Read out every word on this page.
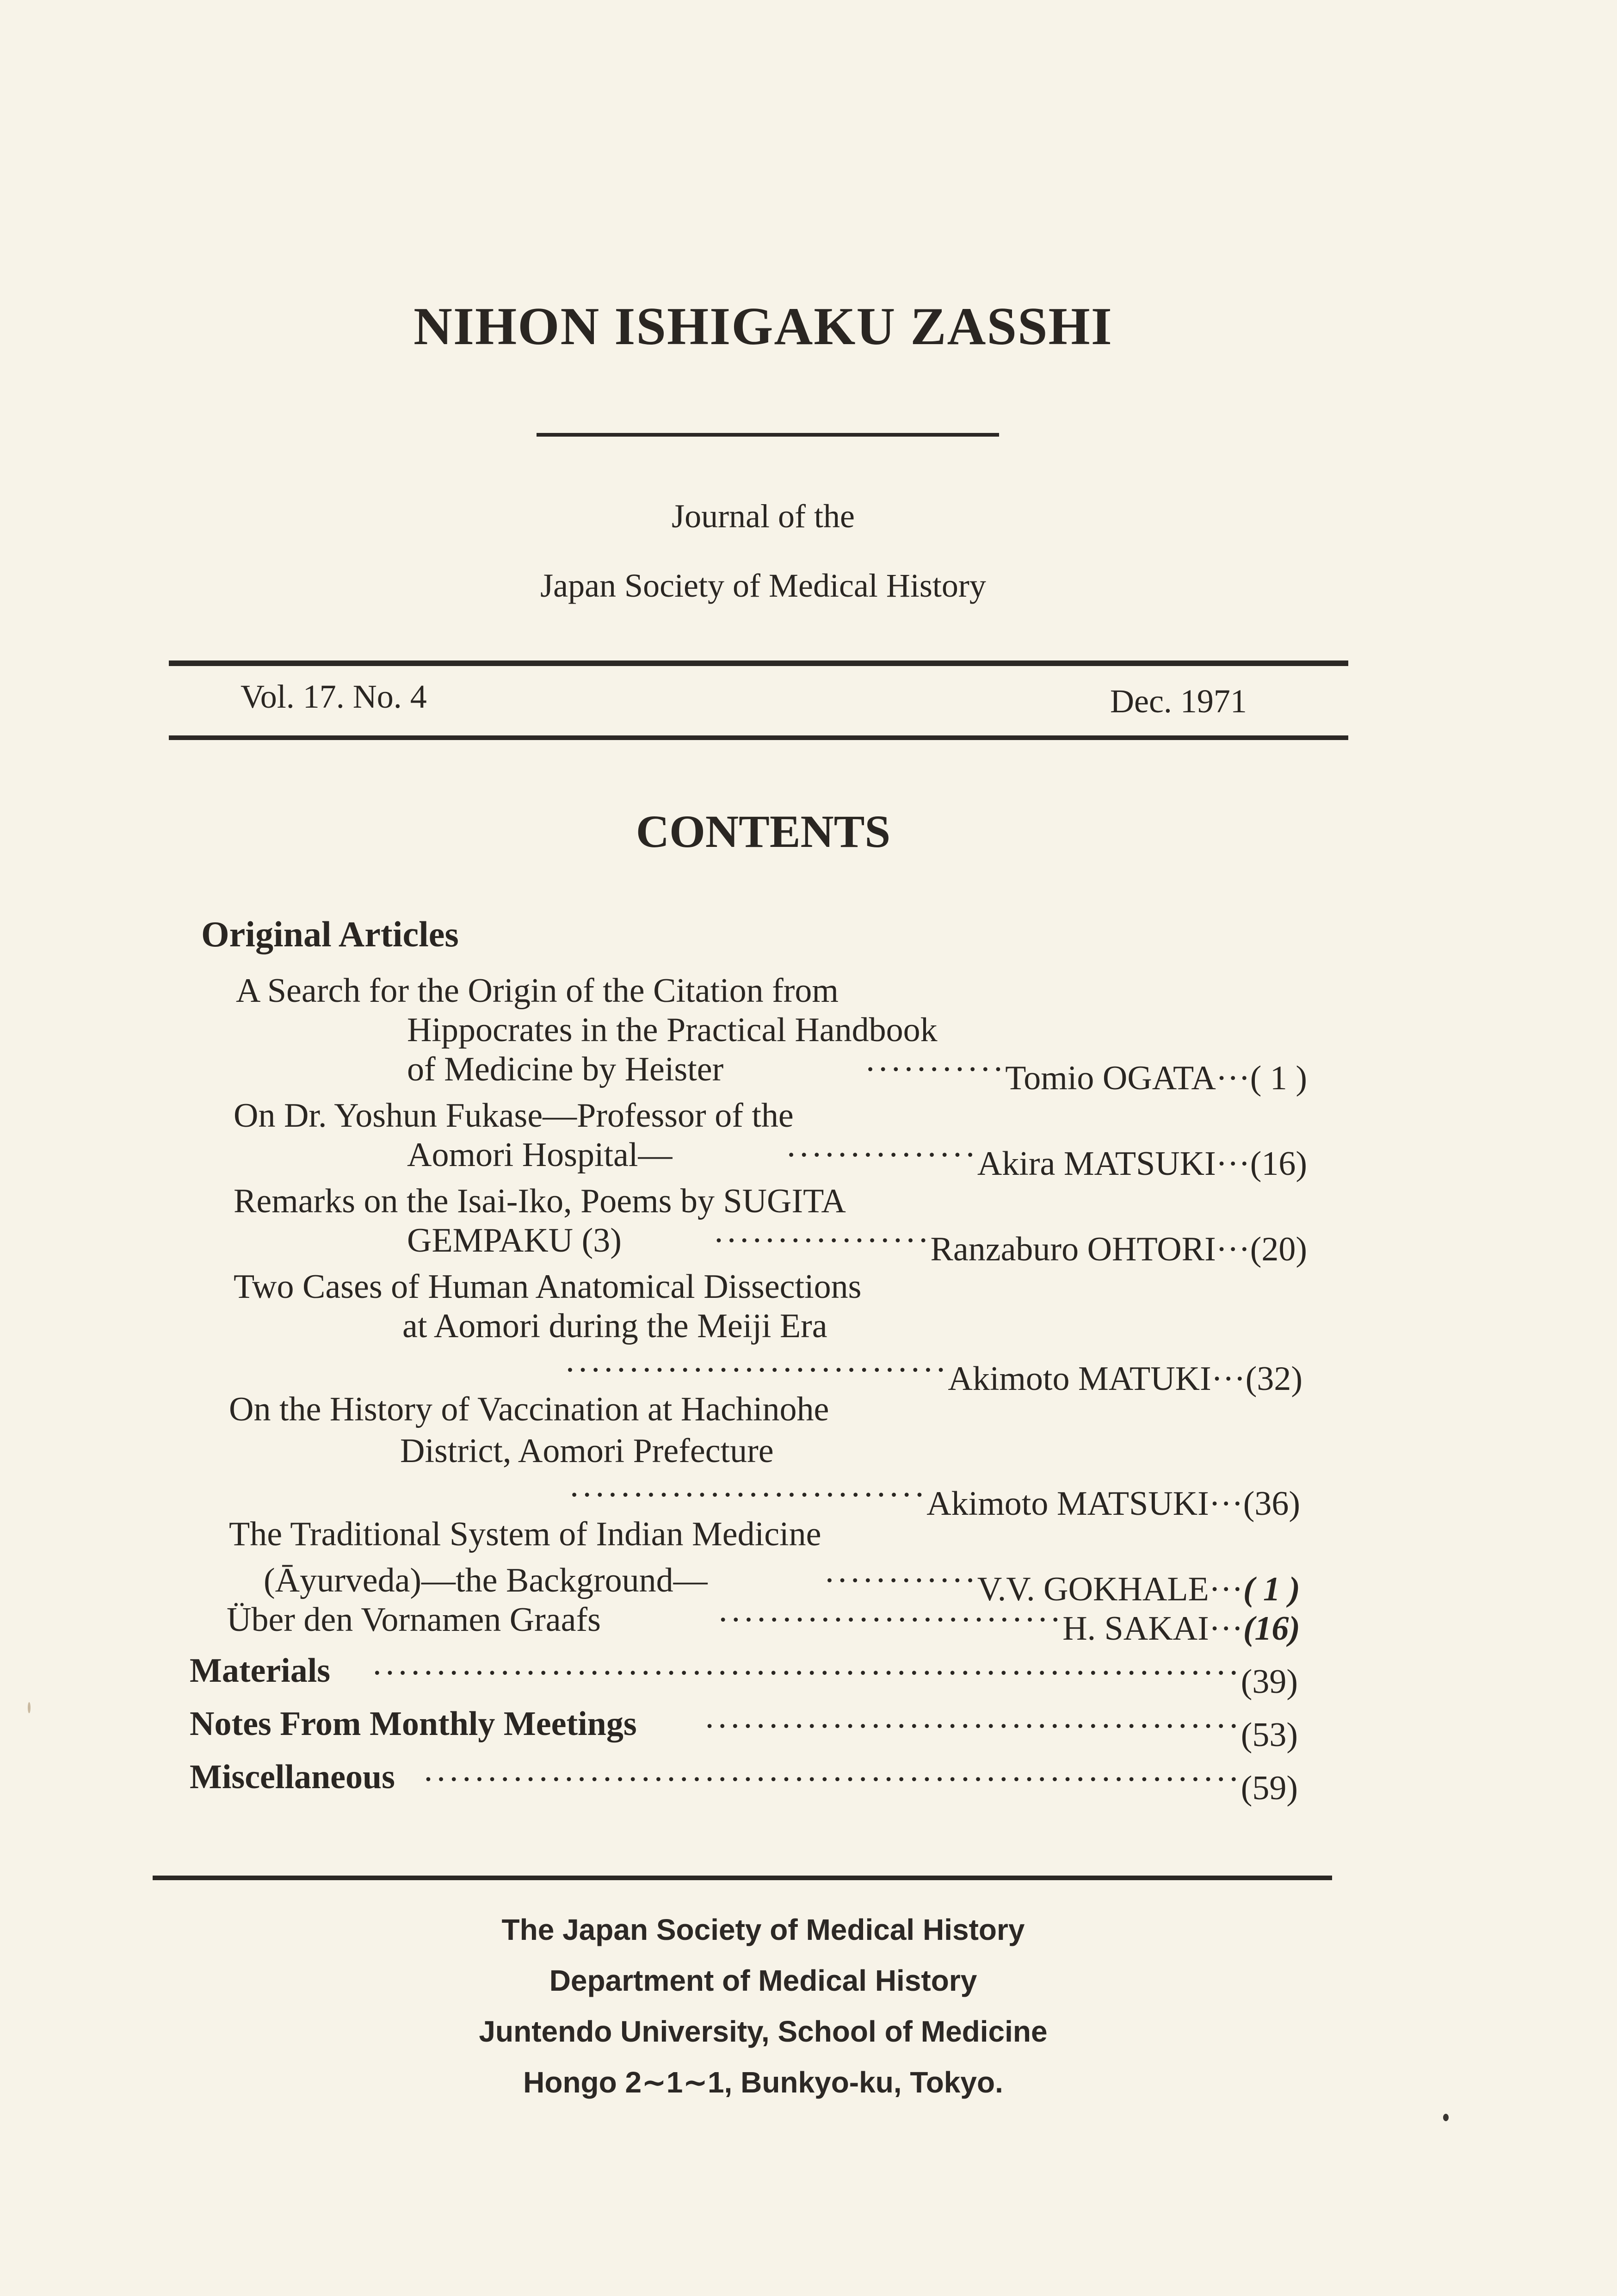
NIHON ISHIGAKU ZASSHI
Journal of the
Japan Society of Medical History
Vol. 17. No. 4	Dec. 1971
CONTENTS
Original Articles
A Search for the Origin of the Citation from
Hippocrates in the Practical Handbook
of Medicine by Heister	···········Tomio OGATA···( 1 )
On Dr. Yoshun Fukase—Professor of the
Aomori Hospital—	···············Akira MATSUKI···(16)
Remarks on the Isai-Iko, Poems by SUGITA
GEMPAKU (3)	·················Ranzaburo OHTORI···(20)
Two Cases of Human Anatomical Dissections
at Aomori during the Meiji Era
······························Akimoto MATUKI···(32)
On the History of Vaccination at Hachinohe
District, Aomori Prefecture
····························Akimoto MATSUKI···(36)
The Traditional System of Indian Medicine
(Āyurveda)—the Background—	············V.V. GOKHALE···( 1 )
Über den Vornamen Graafs	···························H. SAKAI···(16)
Materials ····································································(39)
Notes From Monthly Meetings ··········································(53)
Miscellaneous ································································(59)
The Japan Society of Medical History
Department of Medical History
Juntendo University, School of Medicine
Hongo 2∼1∼1, Bunkyo-ku, Tokyo.
